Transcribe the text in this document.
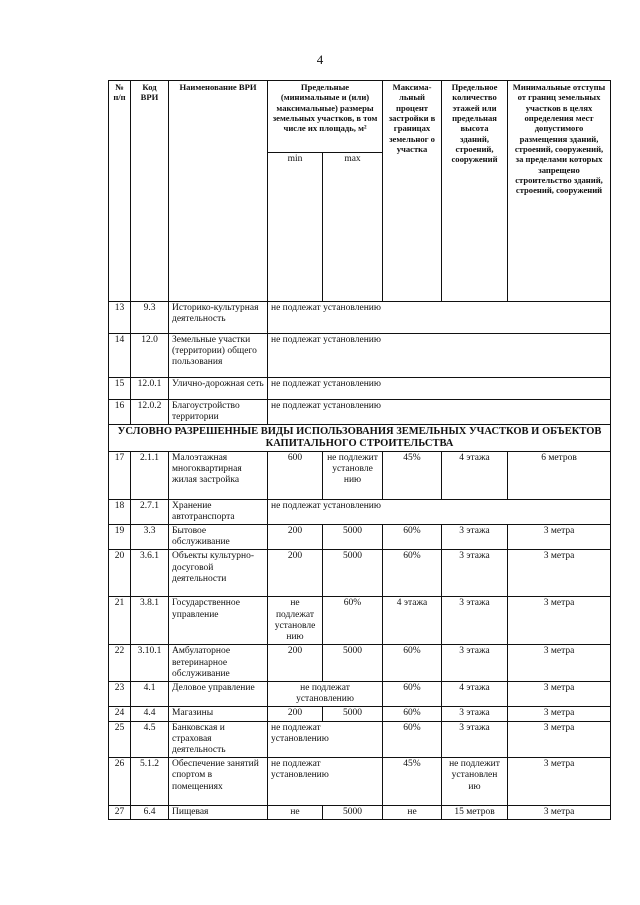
4
№ п/п	Код ВРИ	Наименование ВРИ	Предельные (минимальные и (или) максимальные) размеры земельных участков, в том числе их площадь, м²		Максима-льный процент застройки в границах земельног о участка	Предельное количество этажей или предельная высота зданий, строений, сооружений	Минимальные отступы от границ земельных участков в целях определения мест допустимого размещения зданий, строений, сооружений, за пределами которых запрещено строительство зданий, строений, сооружений
			min	max			
13	9.3	Историко-культурная деятельность	не подлежат установлению				
14	12.0	Земельные участки (территории) общего пользования	не подлежат установлению				
15	12.0.1	Улично-дорожная сеть	не подлежат установлению				
16	12.0.2	Благоустройство территории	не подлежат установлению				
УСЛОВНО РАЗРЕШЕННЫЕ ВИДЫ ИСПОЛЬЗОВАНИЯ ЗЕМЕЛЬНЫХ УЧАСТКОВ И ОБЪЕКТОВ КАПИТАЛЬНОГО СТРОИТЕЛЬСТВА							
17	2.1.1	Малоэтажная многоквартирная жилая застройка	600	не подлежит установле нию	45%	4 этажа	6 метров
18	2.7.1	Хранение автотранспорта	не подлежат установлению				
19	3.3	Бытовое обслуживание	200	5000	60%	3 этажа	3 метра
20	3.6.1	Объекты культурно-досуговой деятельности	200	5000	60%	3 этажа	3 метра
21	3.8.1	Государственное управление	не подлежат установле нию	60%	4 этажа	3 этажа	3 метра
22	3.10.1	Амбулаторное ветеринарное обслуживание	200	5000	60%	3 этажа	3 метра
23	4.1	Деловое управление	не подлежат установлению		60%	4 этажа	3 метра
24	4.4	Магазины	200	5000	60%	3 этажа	3 метра
25	4.5	Банковская и страховая деятельность	не подлежат установлению		60%	3 этажа	3 метра
26	5.1.2	Обеспечение занятий спортом в помещениях	не подлежат установлению		45%	не подлежит установлен ию	3 метра
27	6.4	Пищевая	не	5000	не	15 метров	3 метра
